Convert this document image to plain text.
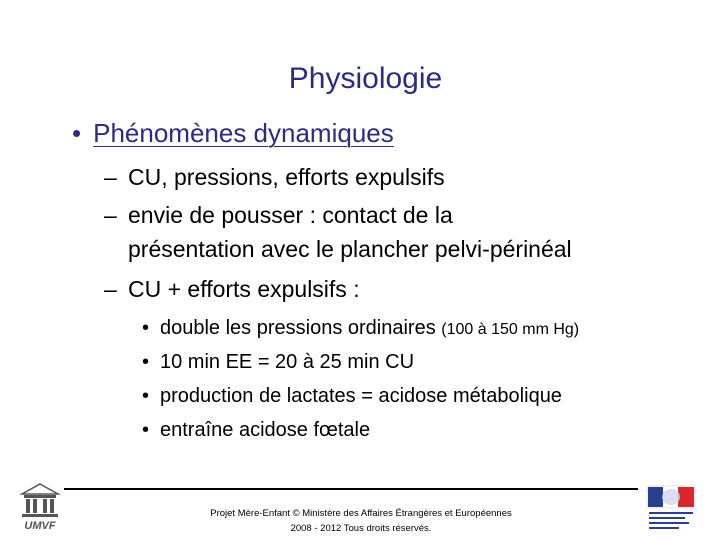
Physiologie
• Phénomènes dynamiques
– CU, pressions, efforts expulsifs
– envie de pousser : contact de la
présentation avec le plancher pelvi-périnéal
– CU + efforts expulsifs :
• double les pressions ordinaires (100 à 150 mm Hg)
• 10 min EE = 20 à 25 min CU
• production de lactates = acidose métabolique
• entraîne acidose fœtale
Projet Mère-Enfant © Ministère des Affaires Étrangères et Européennes
2008 - 2012 Tous droits réservés.
UMVF
